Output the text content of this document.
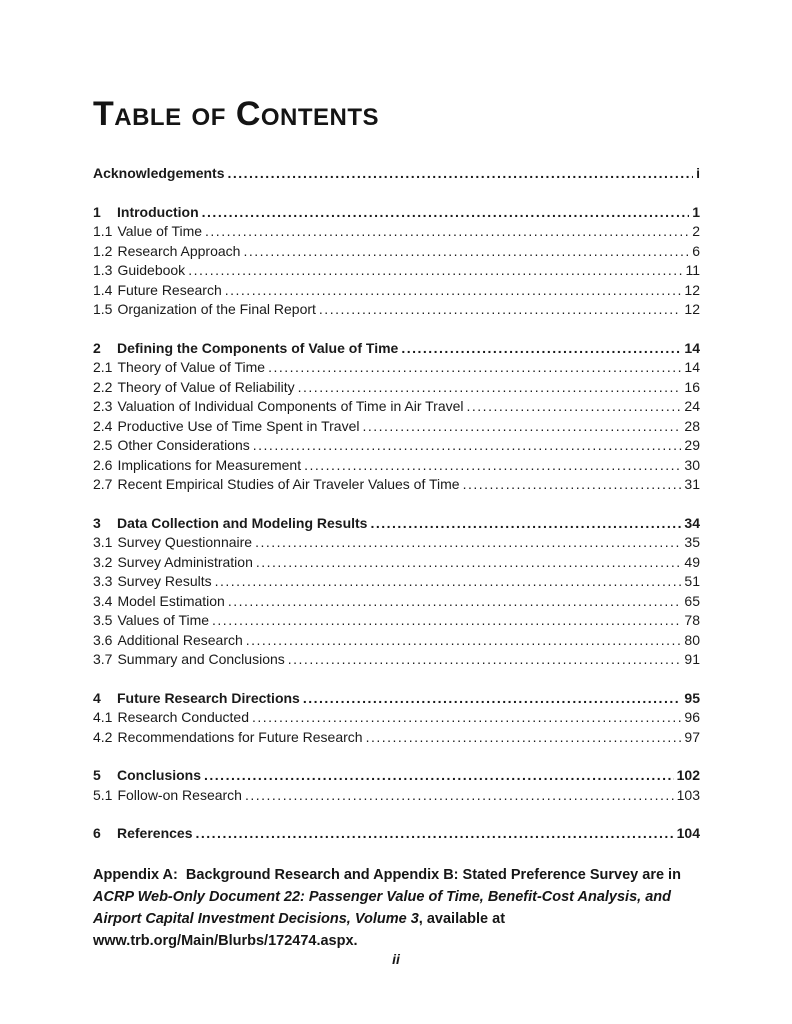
Table of Contents
Acknowledgements .....	i
1	Introduction .....	1
1.1 Value of Time .....	2
1.2 Research Approach .....	6
1.3 Guidebook .....	11
1.4 Future Research .....	12
1.5 Organization of the Final Report .....	12
2	Defining the Components of Value of Time .....	14
2.1 Theory of Value of Time .....	14
2.2 Theory of Value of Reliability .....	16
2.3 Valuation of Individual Components of Time in Air Travel .....	24
2.4 Productive Use of Time Spent in Travel .....	28
2.5 Other Considerations .....	29
2.6 Implications for Measurement .....	30
2.7 Recent Empirical Studies of Air Traveler Values of Time .....	31
3	Data Collection and Modeling Results .....	34
3.1 Survey Questionnaire .....	35
3.2 Survey Administration .....	49
3.3 Survey Results .....	51
3.4 Model Estimation .....	65
3.5 Values of Time .....	78
3.6 Additional Research .....	80
3.7 Summary and Conclusions .....	91
4	Future Research Directions .....	95
4.1 Research Conducted .....	96
4.2 Recommendations for Future Research .....	97
5	Conclusions .....	102
5.1 Follow-on Research .....	103
6	References .....	104

Appendix A:  Background Research and Appendix B: Stated Preference Survey are in ACRP Web-Only Document 22: Passenger Value of Time, Benefit-Cost Analysis, and Airport Capital Investment Decisions, Volume 3, available at www.trb.org/Main/Blurbs/172474.aspx.

ii
